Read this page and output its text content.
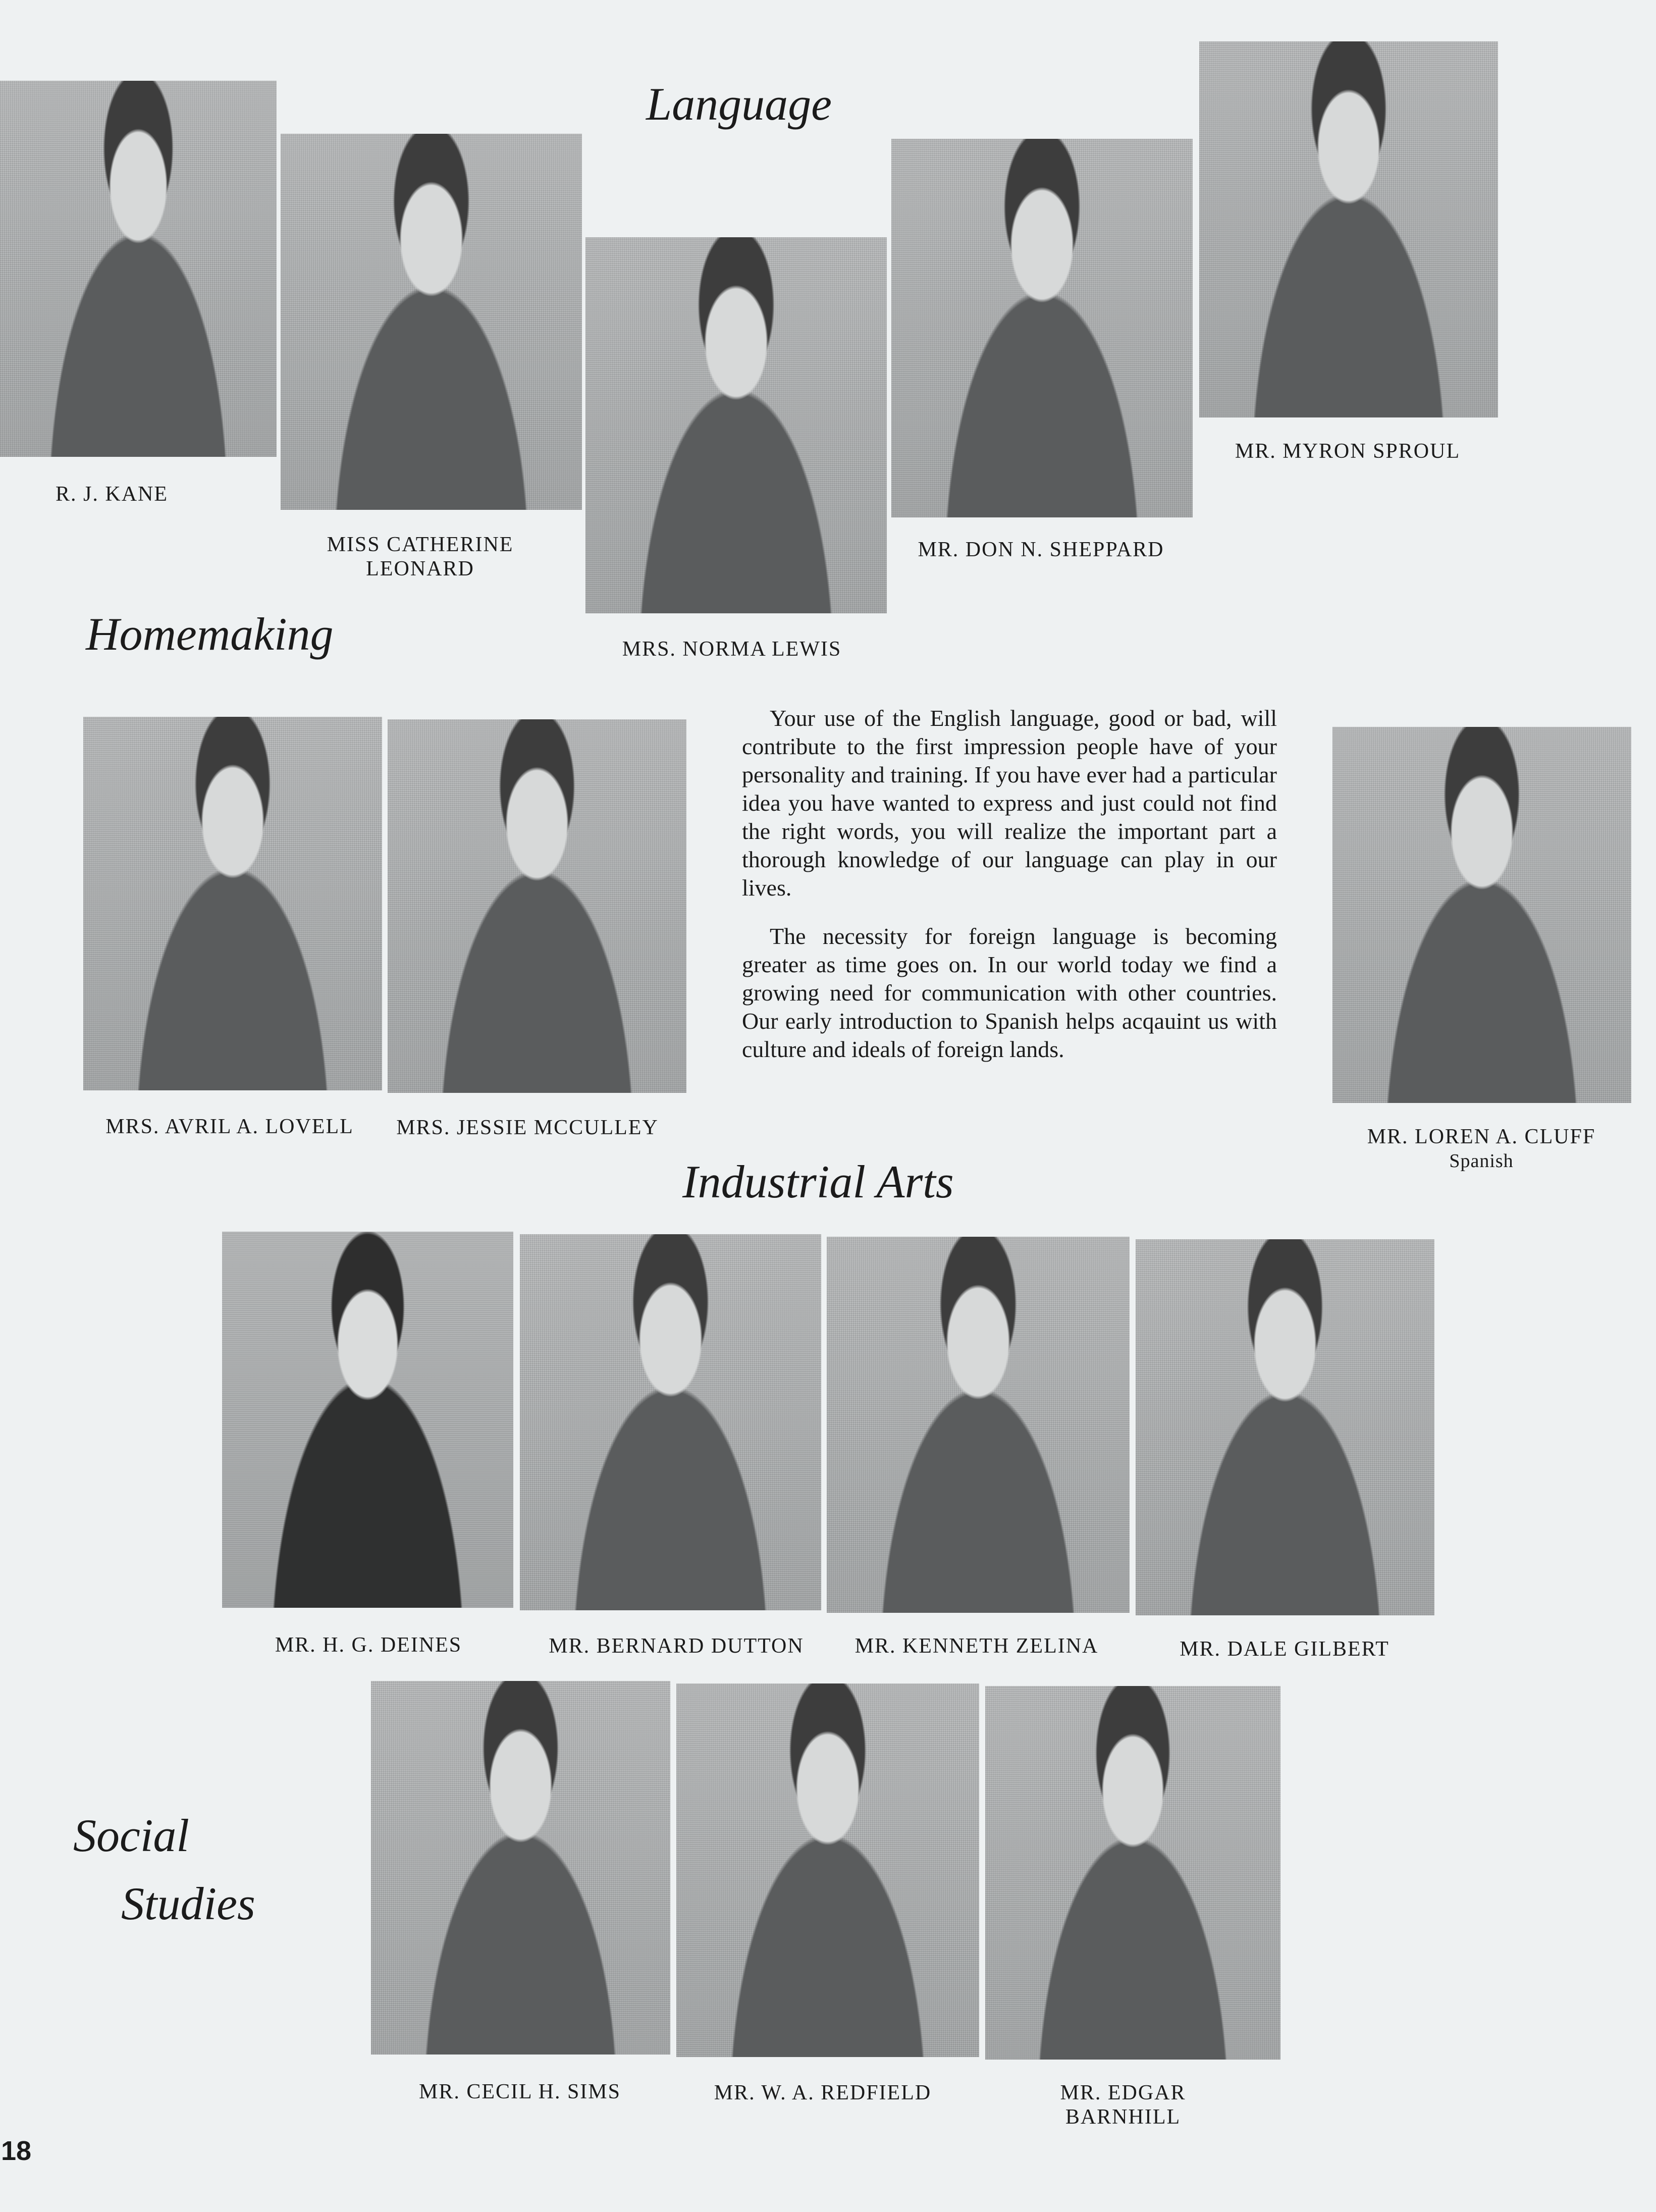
Language
Homemaking
Industrial Arts
Social
Studies
R. J. KANE
MISS CATHERINE
LEONARD
MRS. NORMA LEWIS
MR. DON N. SHEPPARD
MR. MYRON SPROUL
MRS. AVRIL A. LOVELL	MRS. JESSIE MCCULLEY

Your use of the English language, good or bad, will contribute to the first impression people have of your personality and training. If you have ever had a particular idea you have wanted to express and just could not find the right words, you will realize the important part a thorough knowledge of our language can play in our lives.

The necessity for foreign language is becoming greater as time goes on. In our world today we find a growing need for communication with other countries. Our early introduction to Spanish helps acqauint us with culture and ideals of foreign lands.

MR. LOREN A. CLUFF
Spanish
MR. H. G. DEINES	MR. BERNARD DUTTON	MR. KENNETH ZELINA	MR. DALE GILBERT
MR. CECIL H. SIMS	MR. W. A. REDFIELD	MR. EDGAR
BARNHILL
18
